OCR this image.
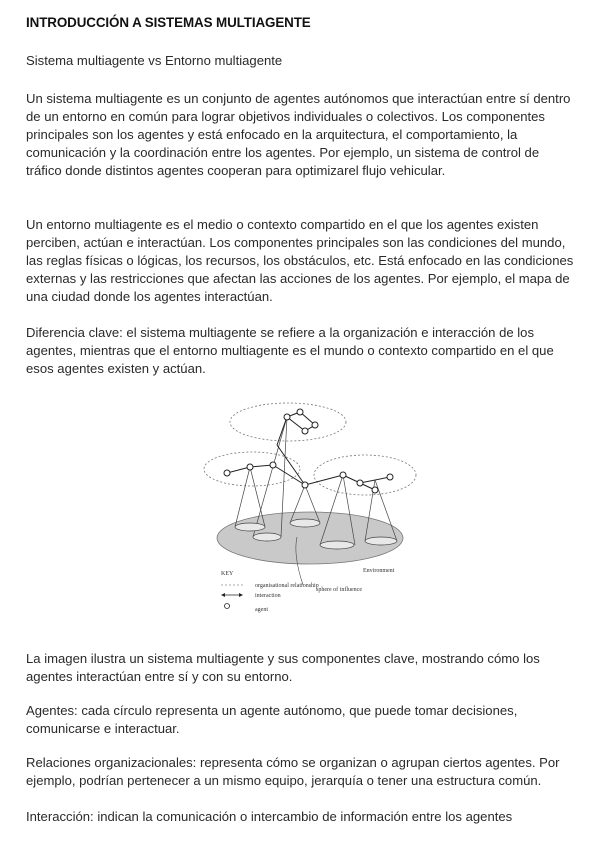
INTRODUCCIÓN A SISTEMAS MULTIAGENTE

Sistema multiagente vs Entorno multiagente

Un sistema multiagente es un conjunto de agentes autónomos que interactúan entre sí dentro de un entorno en común para lograr objetivos individuales o colectivos. Los componentes principales son los agentes y está enfocado en la arquitectura, el comportamiento, la comunicación y la coordinación entre los agentes. Por ejemplo, un sistema de control de tráfico donde distintos agentes cooperan para optimizarel flujo vehicular.

Un entorno multiagente es el medio o contexto compartido en el que los agentes existen perciben, actúan e interactúan. Los componentes principales son las condiciones del mundo, las reglas físicas o lógicas, los recursos, los obstáculos, etc. Está enfocado en las condiciones externas y las restricciones que afectan las acciones de los agentes. Por ejemplo, el mapa de una ciudad donde los agentes interactúan.

Diferencia clave: el sistema multiagente se refiere a la organización e interacción de los agentes, mientras que el entorno multiagente es el mundo o contexto compartido en el que esos agentes existen y actúan.

sphere of influence
Environment
KEY
organisational relationship
interaction
agent

La imagen ilustra un sistema multiagente y sus componentes clave, mostrando cómo los agentes interactúan entre sí y con su entorno.

Agentes: cada círculo representa un agente autónomo, que puede tomar decisiones, comunicarse e interactuar.

Relaciones organizacionales: representa cómo se organizan o agrupan ciertos agentes. Por ejemplo, podrían pertenecer a un mismo equipo, jerarquía o tener una estructura común.

Interacción: indican la comunicación o intercambio de información entre los agentes
